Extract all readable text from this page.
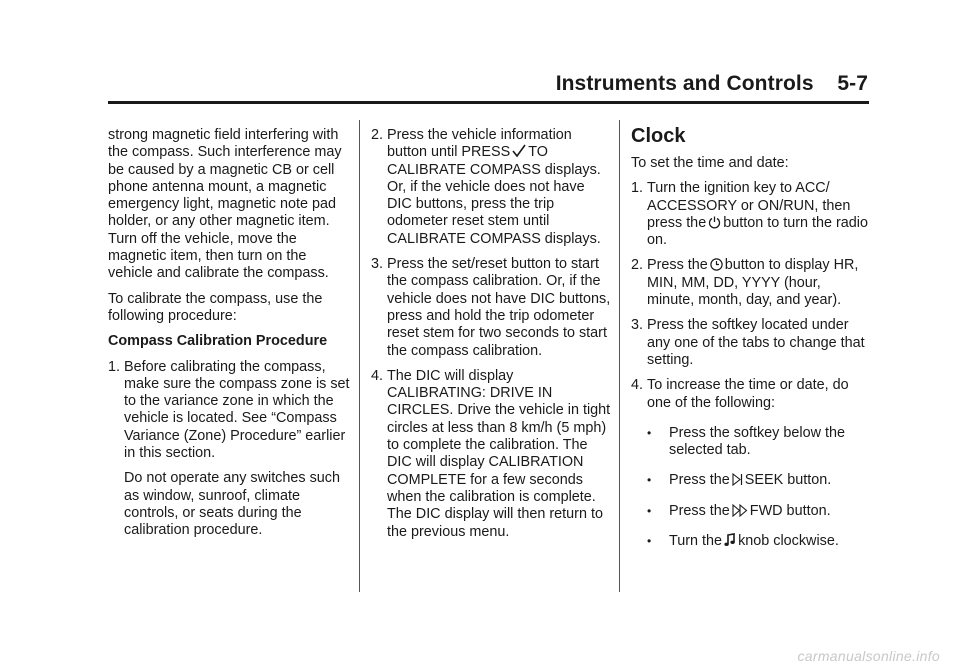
Instruments and Controls    5-7

strong magnetic field interfering with the compass. Such interference may be caused by a magnetic CB or cell phone antenna mount, a magnetic emergency light, magnetic note pad holder, or any other magnetic item. Turn off the vehicle, move the magnetic item, then turn on the vehicle and calibrate the compass.

To calibrate the compass, use the following procedure:

Compass Calibration Procedure

1. Before calibrating the compass, make sure the compass zone is set to the variance zone in which the vehicle is located. See “Compass Variance (Zone) Procedure” earlier in this section.

Do not operate any switches such as window, sunroof, climate controls, or seats during the calibration procedure.

2. Press the vehicle information button until PRESS TO CALIBRATE COMPASS displays. Or, if the vehicle does not have DIC buttons, press the trip odometer reset stem until CALIBRATE COMPASS displays.
3. Press the set/reset button to start the compass calibration. Or, if the vehicle does not have DIC buttons, press and hold the trip odometer reset stem for two seconds to start the compass calibration.
4. The DIC will display CALIBRATING: DRIVE IN CIRCLES. Drive the vehicle in tight circles at less than 8 km/h (5 mph) to complete the calibration. The DIC will display CALIBRATION COMPLETE for a few seconds when the calibration is complete. The DIC display will then return to the previous menu.
Clock

To set the time and date:

1. Turn the ignition key to ACC/ ACCESSORY or ON/RUN, then press the button to turn the radio on.
2. Press the button to display HR, MIN, MM, DD, YYYY (hour, minute, month, day, and year).
3. Press the softkey located under any one of the tabs to change that setting.
4. To increase the time or date, do one of the following:
•	Press the softkey below the selected tab.
•	Press the SEEK button.
•	Press the FWD button.
•	Turn the knob clockwise.
carmanualsonline.info
